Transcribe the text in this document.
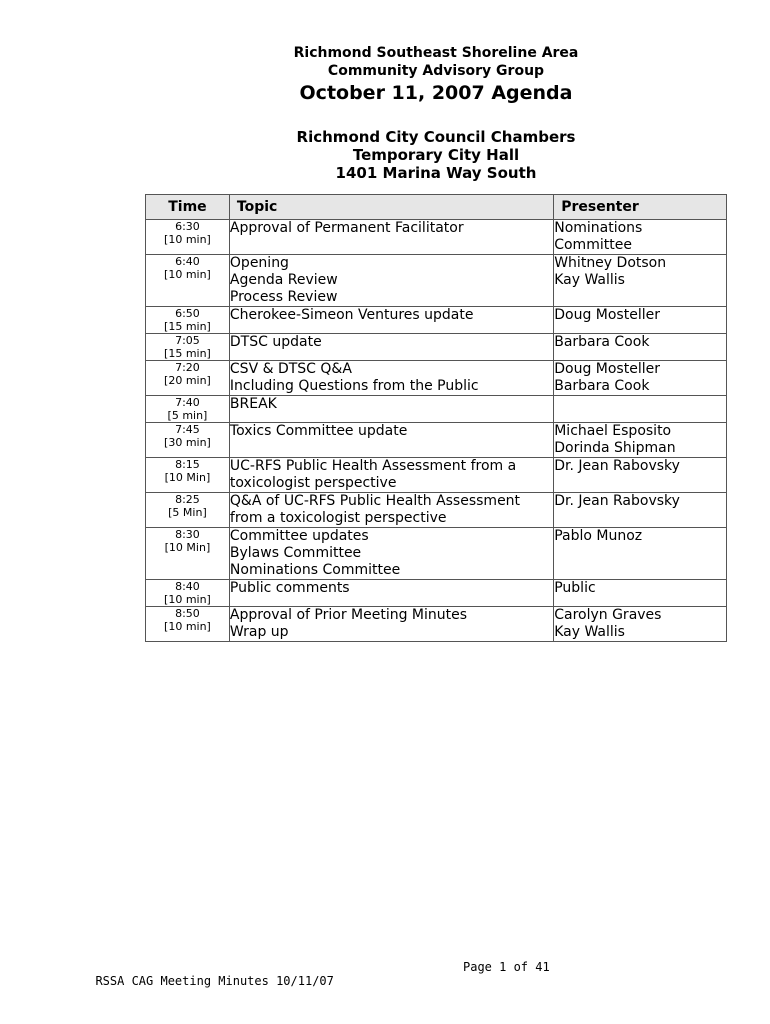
Richmond Southeast Shoreline Area
Community Advisory Group
October 11, 2007 Agenda
Richmond City Council Chambers
Temporary City Hall
1401 Marina Way South
Time	Topic	Presenter

6:30
[10 min]	Approval of Permanent Facilitator	Nominations
Committee

6:40
[10 min]	Opening
Agenda Review
Process Review	Whitney Dotson
Kay Wallis

6:50
[15 min]	Cherokee-Simeon Ventures update	Doug Mosteller

7:05
[15 min]	DTSC update	Barbara Cook

7:20
[20 min]	CSV & DTSC Q&A
Including Questions from the Public	Doug Mosteller
Barbara Cook

7:40
[5 min]	BREAK	

7:45
[30 min]	Toxics Committee update	Michael Esposito
Dorinda Shipman

8:15
[10 Min]	UC-RFS Public Health Assessment from a
toxicologist perspective	Dr. Jean Rabovsky

8:25
[5 Min]	Q&A of UC-RFS Public Health Assessment
from a toxicologist perspective	Dr. Jean Rabovsky

8:30
[10 Min]	Committee updates
Bylaws Committee
Nominations Committee	Pablo Munoz

8:40
[10 min]	Public comments	Public

8:50
[10 min]	Approval of Prior Meeting Minutes
Wrap up	Carolyn Graves
Kay Wallis

RSSA CAG Meeting Minutes 10/11/07

Page 1 of 41
